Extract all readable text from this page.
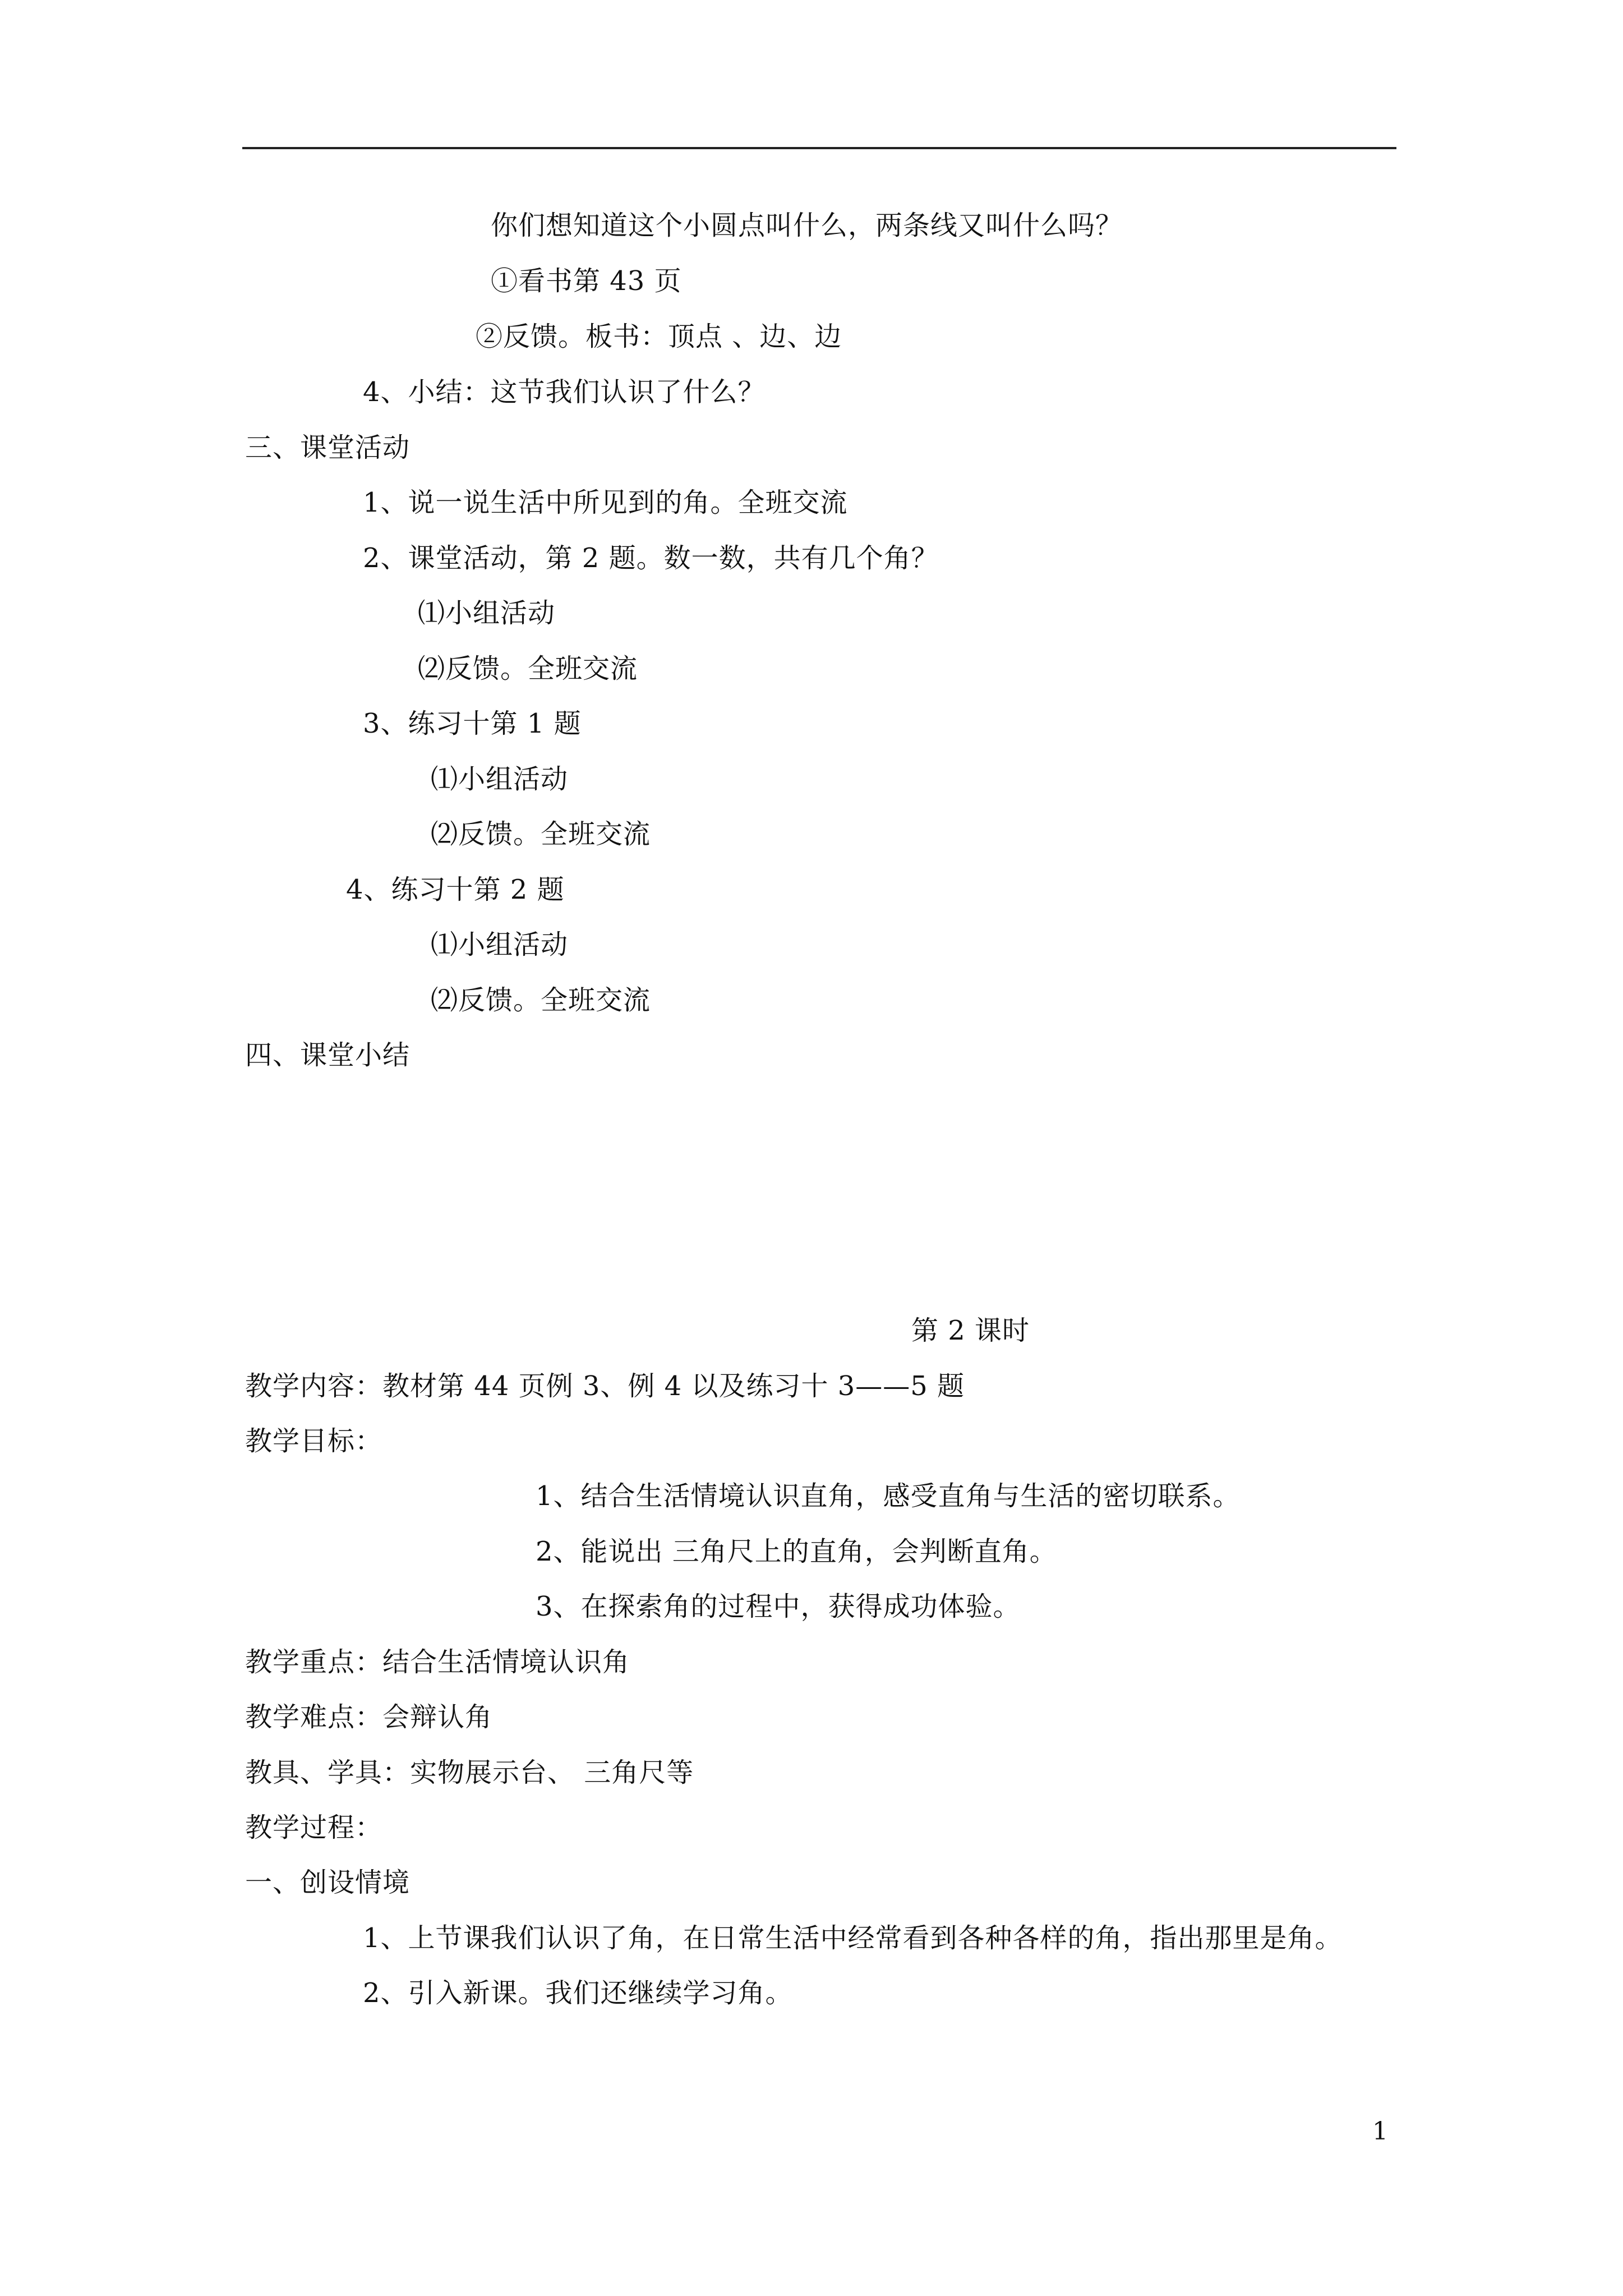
你们想知道这个小圆点叫什么，两条线又叫什么吗？
①看书第 43 页
②反馈。板书：顶点 、边、边
4、小结：这节我们认识了什么？
三、课堂活动
1、说一说生活中所见到的角。全班交流
2、课堂活动，第 2 题。数一数，共有几个角？
⑴小组活动
⑵反馈。全班交流
3、练习十第 1 题
⑴小组活动
⑵反馈。全班交流
4、练习十第 2 题
⑴小组活动
⑵反馈。全班交流
四、课堂小结
第 2 课时
教学内容：教材第 44 页例 3、例 4 以及练习十 3——5 题
教学目标：
1、结合生活情境认识直角，感受直角与生活的密切联系。
2、能说出 三角尺上的直角，会判断直角。
3、在探索角的过程中，获得成功体验。
教学重点：结合生活情境认识角
教学难点：会辩认角
教具、学具：实物展示台、 三角尺等
教学过程：
一、创设情境
1、上节课我们认识了角，在日常生活中经常看到各种各样的角，指出那里是角。
2、引入新课。我们还继续学习角。
1
